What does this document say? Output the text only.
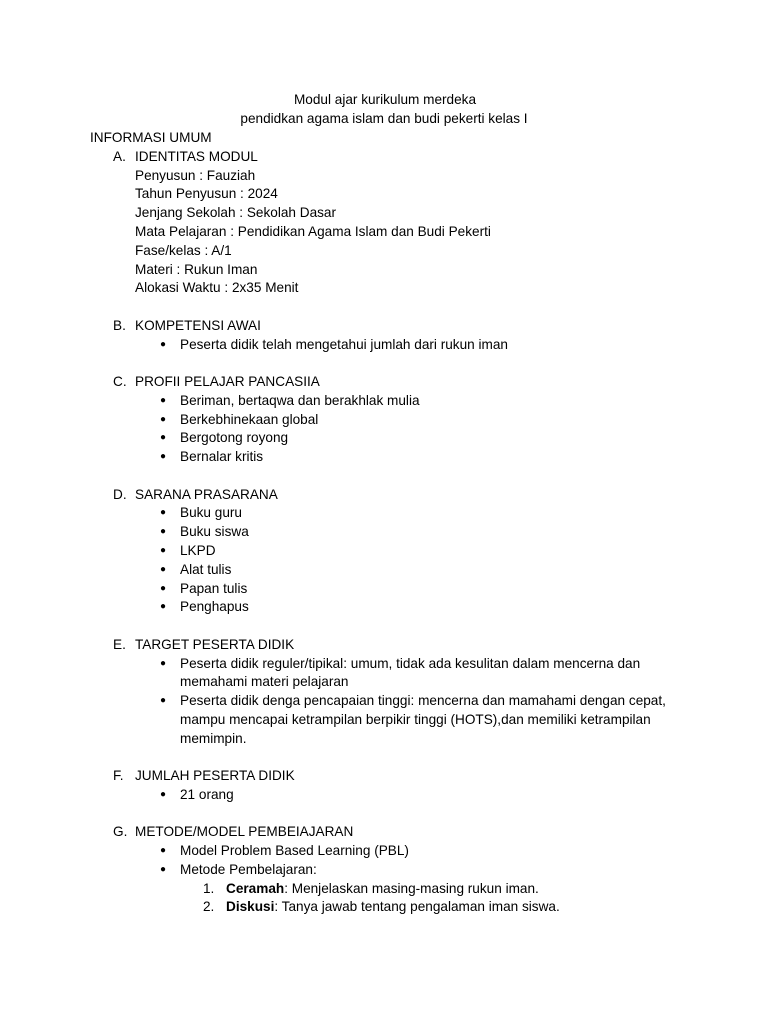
Modul ajar kurikulum merdeka
pendidkan agama islam dan budi pekerti kelas I
INFORMASI UMUM
A. IDENTITAS MODUL
Penyusun : Fauziah
Tahun Penyusun : 2024
Jenjang Sekolah : Sekolah Dasar
Mata Pelajaran : Pendidikan Agama Islam dan Budi Pekerti
Fase/kelas : A/1
Materi : Rukun Iman
Alokasi Waktu : 2x35 Menit
B. KOMPETENSI AWAI
● Peserta didik telah mengetahui jumlah dari rukun iman
C. PROFII PELAJAR PANCASIIA
● Beriman, bertaqwa dan berakhlak mulia
● Berkebhinekaan global
● Bergotong royong
● Bernalar kritis
D. SARANA PRASARANA
● Buku guru
● Buku siswa
● LKPD
● Alat tulis
● Papan tulis
● Penghapus
E. TARGET PESERTA DIDIK
● Peserta didik reguler/tipikal: umum, tidak ada kesulitan dalam mencerna dan memahami materi pelajaran
● Peserta didik denga pencapaian tinggi: mencerna dan mamahami dengan cepat, mampu mencapai ketrampilan berpikir tinggi (HOTS),dan memiliki ketrampilan memimpin.
F. JUMLAH PESERTA DIDIK
● 21 orang
G. METODE/MODEL PEMBEIAJARAN
● Model Problem Based Learning (PBL)
● Metode Pembelajaran:
1. Ceramah: Menjelaskan masing-masing rukun iman.
2. Diskusi: Tanya jawab tentang pengalaman iman siswa.
